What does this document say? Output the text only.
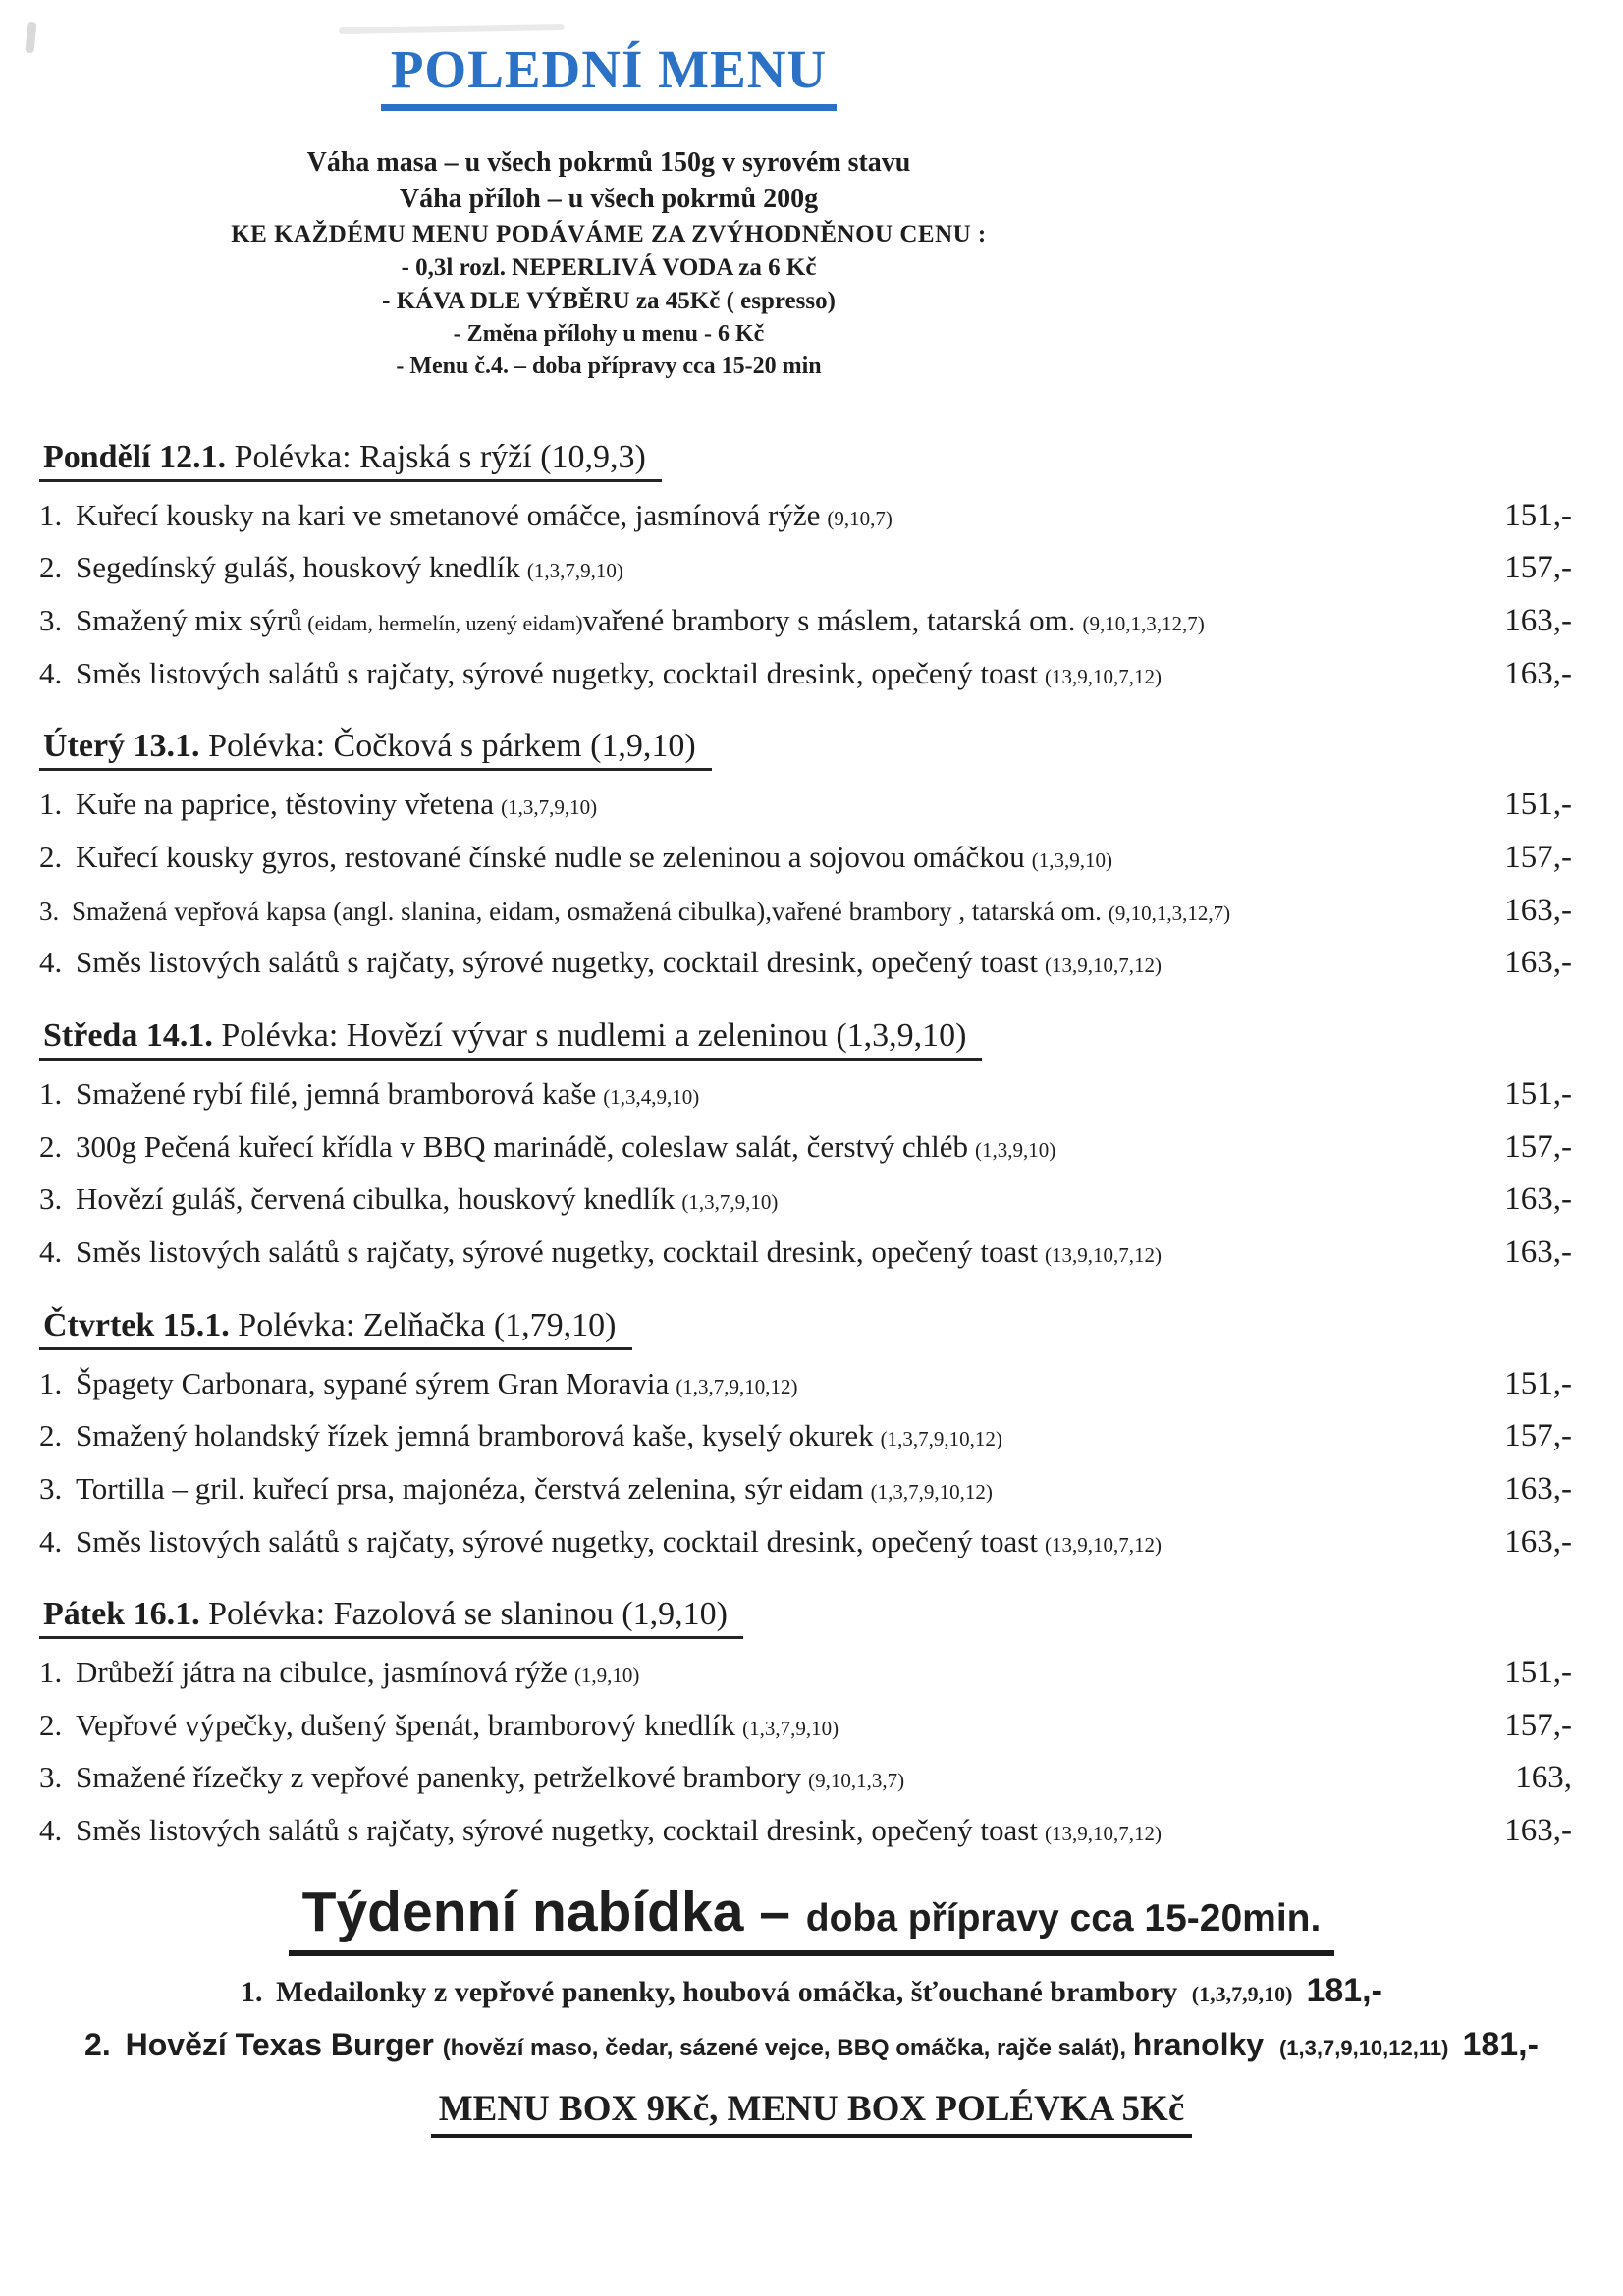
POLEDNÍ MENU
Váha masa – u všech pokrmů 150g v syrovém stavu
Váha příloh – u všech pokrmů 200g
KE KAŽDÉMU MENU PODÁVÁME ZA ZVÝHODNĚNOU CENU :
- 0,3l rozl. NEPERLIVÁ VODA za 6 Kč
- KÁVA DLE VÝBĚRU za 45Kč ( espresso)
- Změna přílohy u menu - 6 Kč
- Menu č.4. – doba přípravy cca 15-20 min
Pondělí 12.1. Polévka: Rajská s rýží (10,9,3)
1. Kuřecí kousky na kari ve smetanové omáčce, jasmínová rýže (9,10,7)	151,-
2. Segedínský guláš, houskový knedlík (1,3,7,9,10)	157,-
3. Smažený mix sýrů (eidam, hermelín, uzený eidam)vařené brambory s máslem, tatarská om. (9,10,1,3,12,7)	163,-
4. Směs listových salátů s rajčaty, sýrové nugetky, cocktail dresink, opečený toast (13,9,10,7,12)	163,-
Úterý 13.1. Polévka: Čočková s párkem (1,9,10)
1. Kuře na paprice, těstoviny vřetena (1,3,7,9,10)	151,-
2. Kuřecí kousky gyros, restované čínské nudle se zeleninou a sojovou omáčkou (1,3,9,10)	157,-
3. Smažená vepřová kapsa (angl. slanina, eidam, osmažená cibulka),vařené brambory , tatarská om. (9,10,1,3,12,7)	163,-
4. Směs listových salátů s rajčaty, sýrové nugetky, cocktail dresink, opečený toast (13,9,10,7,12)	163,-
Středa 14.1. Polévka: Hovězí vývar s nudlemi a zeleninou (1,3,9,10)
1. Smažené rybí filé, jemná bramborová kaše (1,3,4,9,10)	151,-
2. 300g Pečená kuřecí křídla v BBQ marinádě, coleslaw salát, čerstvý chléb (1,3,9,10)	157,-
3. Hovězí guláš, červená cibulka, houskový knedlík (1,3,7,9,10)	163,-
4. Směs listových salátů s rajčaty, sýrové nugetky, cocktail dresink, opečený toast (13,9,10,7,12)	163,-
Čtvrtek 15.1. Polévka: Zelňačka (1,79,10)
1. Špagety Carbonara, sypané sýrem Gran Moravia (1,3,7,9,10,12)	151,-
2. Smažený holandský řízek jemná bramborová kaše, kyselý okurek (1,3,7,9,10,12)	157,-
3. Tortilla – gril. kuřecí prsa, majonéza, čerstvá zelenina, sýr eidam (1,3,7,9,10,12)	163,-
4. Směs listových salátů s rajčaty, sýrové nugetky, cocktail dresink, opečený toast (13,9,10,7,12)	163,-
Pátek 16.1. Polévka: Fazolová se slaninou (1,9,10)
1. Drůbeží játra na cibulce, jasmínová rýže (1,9,10)	151,-
2. Vepřové výpečky, dušený špenát, bramborový knedlík (1,3,7,9,10)	157,-
3. Smažené řízečky z vepřové panenky, petrželkové brambory (9,10,1,3,7)	163,
4. Směs listových salátů s rajčaty, sýrové nugetky, cocktail dresink, opečený toast (13,9,10,7,12)	163,-
Týdenní nabídka – doba přípravy cca 15-20min.
1. Medailonky z vepřové panenky, houbová omáčka, šťouchané brambory (1,3,7,9,10) 181,-
2. Hovězí Texas Burger (hovězí maso, čedar, sázené vejce, BBQ omáčka, rajče salát), hranolky (1,3,7,9,10,12,11) 181,-
MENU BOX 9Kč, MENU BOX POLÉVKA 5Kč
